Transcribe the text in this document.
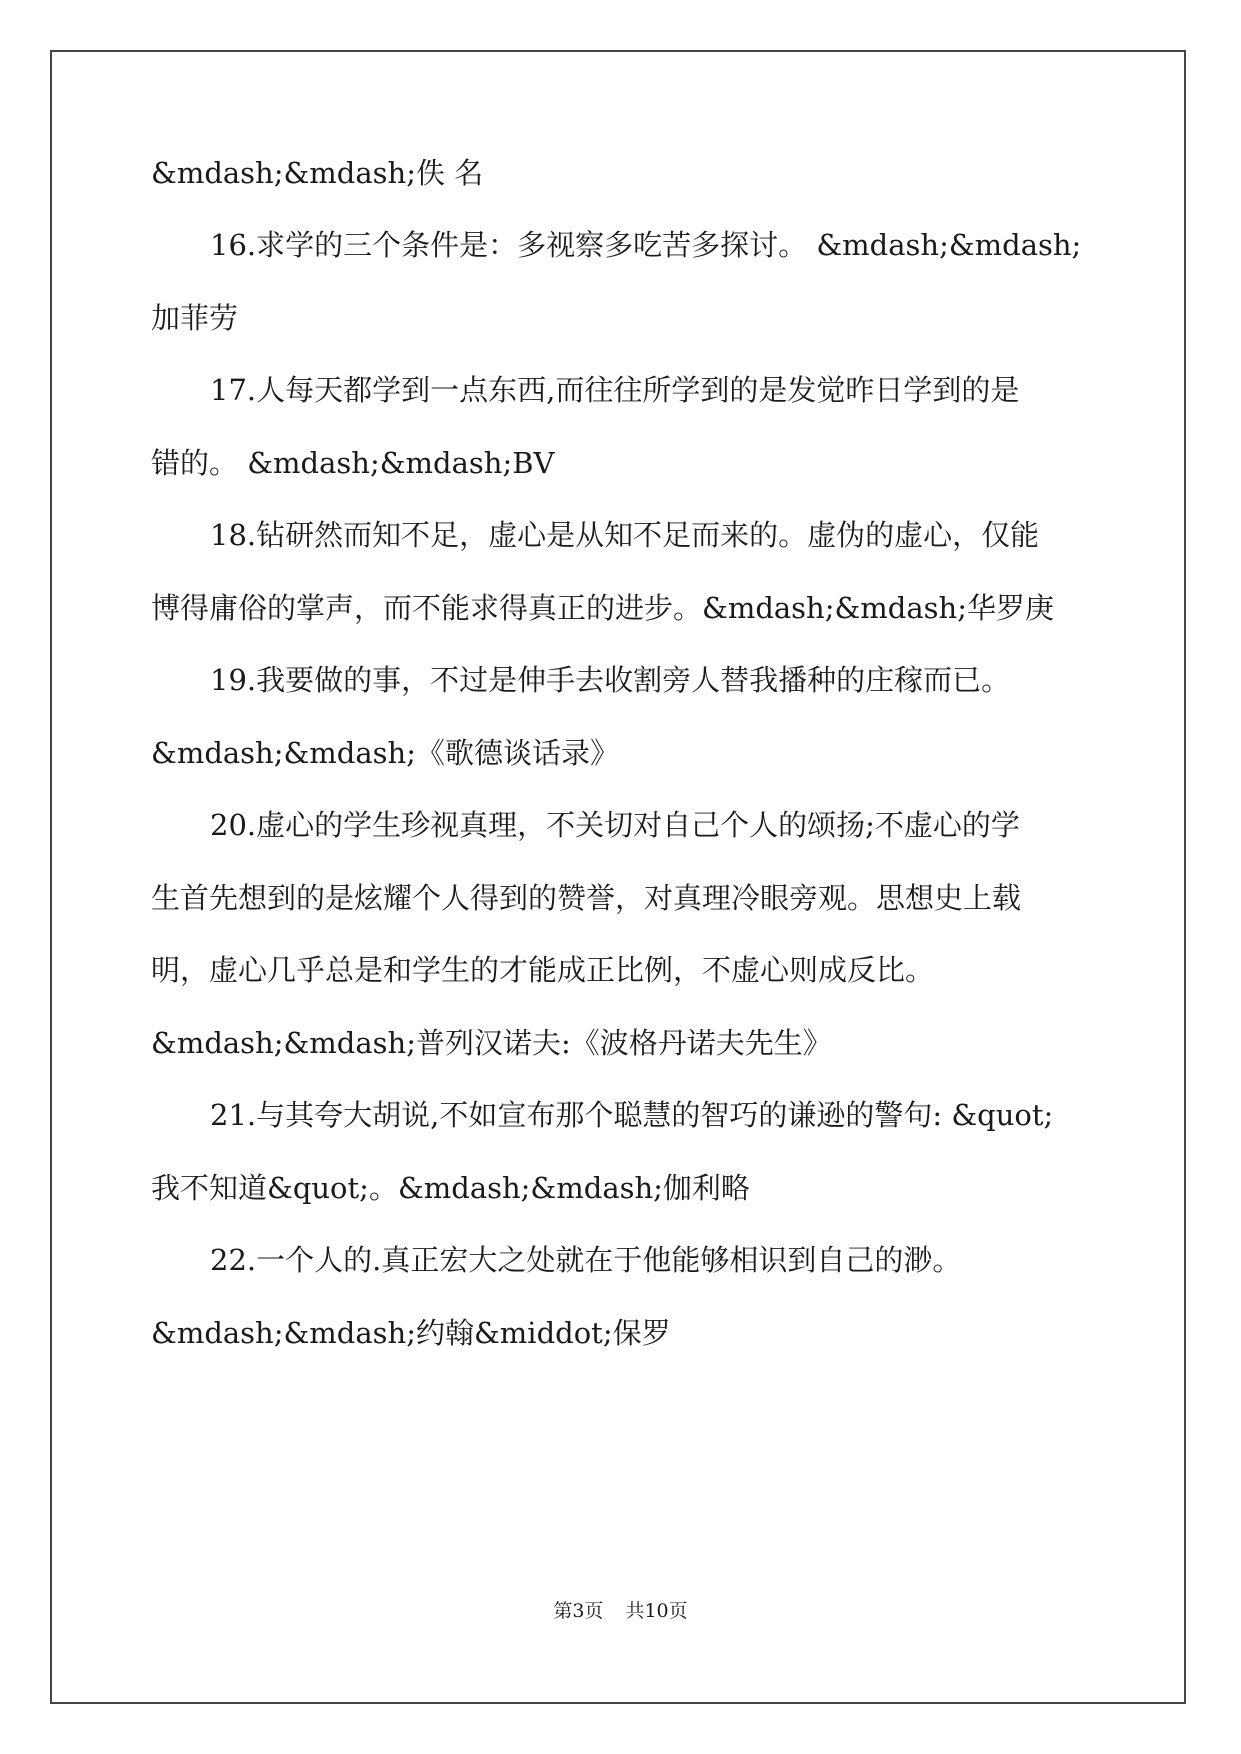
&mdash;&mdash;佚 名
16.求学的三个条件是：多视察多吃苦多探讨。 &mdash;&mdash;
加菲劳
17.人每天都学到一点东西,而往往所学到的是发觉昨日学到的是
错的。 &mdash;&mdash;BV
18.钻研然而知不足，虚心是从知不足而来的。虚伪的虚心，仅能
博得庸俗的掌声，而不能求得真正的进步。&mdash;&mdash;华罗庚
19.我要做的事，不过是伸手去收割旁人替我播种的庄稼而已。
&mdash;&mdash;《歌德谈话录》
20.虚心的学生珍视真理，不关切对自己个人的颂扬;不虚心的学
生首先想到的是炫耀个人得到的赞誉，对真理冷眼旁观。思想史上载
明，虚心几乎总是和学生的才能成正比例，不虚心则成反比。
&mdash;&mdash;普列汉诺夫:《波格丹诺夫先生》
21.与其夸大胡说,不如宣布那个聪慧的智巧的谦逊的警句: &quot;
我不知道&quot;。&mdash;&mdash;伽利略
22.一个人的.真正宏大之处就在于他能够相识到自己的渺。
&mdash;&mdash;约翰&middot;保罗
第3页 共10页
